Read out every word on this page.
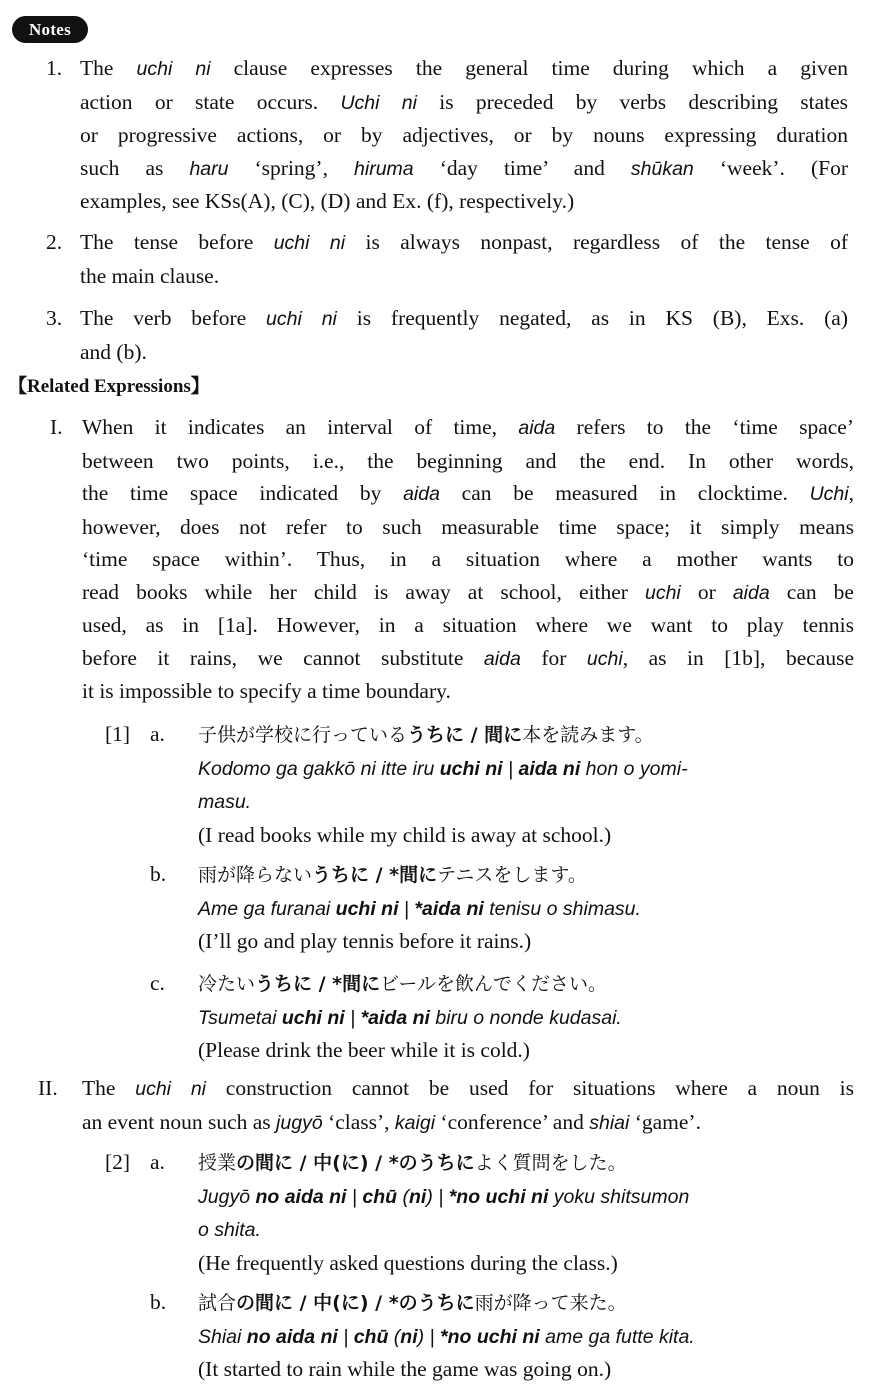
Notes
1. The uchi ni clause expresses the general time during which a given
action or state occurs. Uchi ni is preceded by verbs describing states
or progressive actions, or by adjectives, or by nouns expressing duration
such as haru ‘spring’, hiruma ‘day time’ and shūkan ‘week’. (For
examples, see KSs(A), (C), (D) and Ex. (f), respectively.)
2. The tense before uchi ni is always nonpast, regardless of the tense of
the main clause.
3. The verb before uchi ni is frequently negated, as in KS (B), Exs. (a)
and (b).
【Related Expressions】
I. When it indicates an interval of time, aida refers to the ‘time space’
between two points, i.e., the beginning and the end. In other words,
the time space indicated by aida can be measured in clocktime. Uchi,
however, does not refer to such measurable time space; it simply means
‘time space within’. Thus, in a situation where a mother wants to
read books while her child is away at school, either uchi or aida can be
used, as in [1a]. However, in a situation where we want to play tennis
before it rains, we cannot substitute aida for uchi, as in [1b], because
it is impossible to specify a time boundary.
[1] a. 子供が学校に行っているうちに / 間に本を読みます。
Kodomo ga gakkō ni itte iru uchi ni | aida ni hon o yomi-
masu.
(I read books while my child is away at school.)
b. 雨が降らないうちに / *間にテニスをします。
Ame ga furanai uchi ni | *aida ni tenisu o shimasu.
(I’ll go and play tennis before it rains.)
c. 冷たいうちに / *間にビールを飲んでください。
Tsumetai uchi ni | *aida ni biru o nonde kudasai.
(Please drink the beer while it is cold.)
II. The uchi ni construction cannot be used for situations where a noun is
an event noun such as jugyō ‘class’, kaigi ‘conference’ and shiai ‘game’.
[2] a. 授業の間に / 中(に) / *のうちによく質問をした。
Jugyō no aida ni | chū (ni) | *no uchi ni yoku shitsumon
o shita.
(He frequently asked questions during the class.)
b. 試合の間に / 中(に) / *のうちに雨が降って来た。
Shiai no aida ni | chū (ni) | *no uchi ni ame ga futte kita.
(It started to rain while the game was going on.)
